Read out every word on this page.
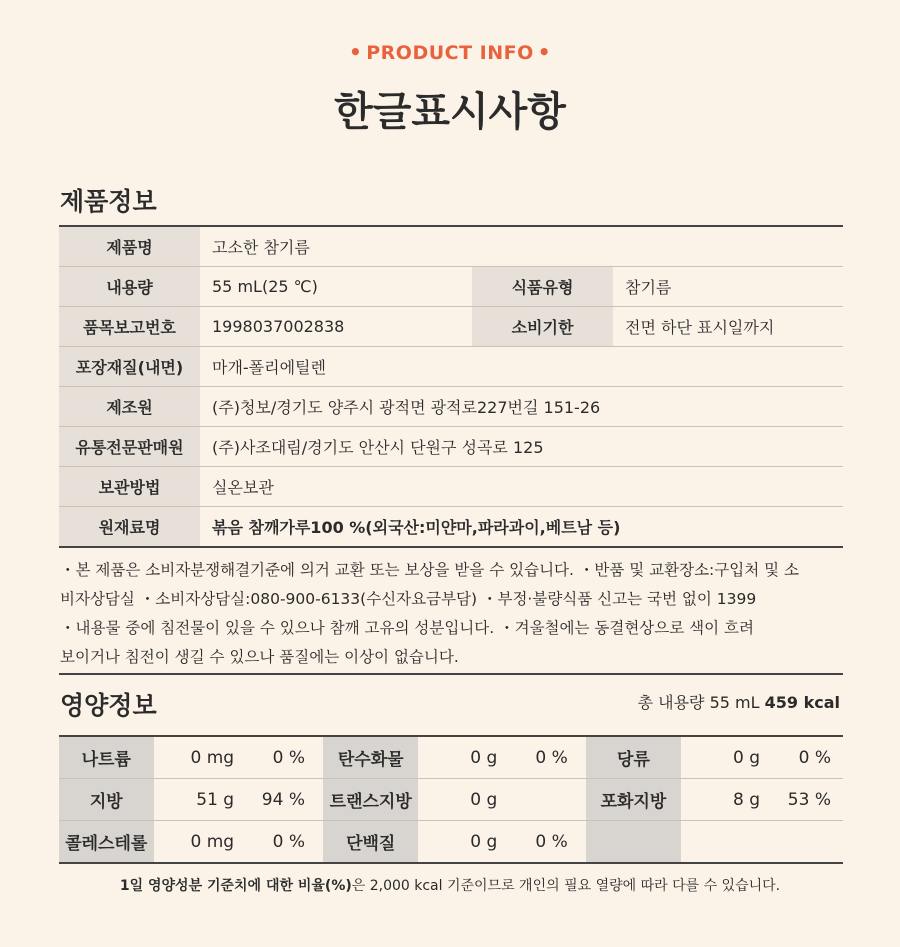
• PRODUCT INFO •
한글표시사항
제품정보
제품명	고소한 참기름		
내용량	55 mL(25 ℃)	식품유형	참기름
품목보고번호	1998037002838	소비기한	전면 하단 표시일까지
포장재질(내면)	마개-폴리에틸렌		
제조원	(주)청보/경기도 양주시 광적면 광적로227번길 151-26		
유통전문판매원	(주)사조대림/경기도 안산시 단원구 성곡로 125		
보관방법	실온보관		
원재료명	볶음 참깨가루100 %(외국산:미얀마,파라과이,베트남 등)		
・본 제품은 소비자분쟁해결기준에 의거 교환 또는 보상을 받을 수 있습니다. ・반품 및 교환장소:구입처 및 소
비자상담실 ・소비자상담실:080-900-6133(수신자요금부담) ・부정·불량식품 신고는 국번 없이 1399
・내용물 중에 침전물이 있을 수 있으나 참깨 고유의 성분입니다. ・겨울철에는 동결현상으로 색이 흐려
보이거나 침전이 생길 수 있으나 품질에는 이상이 없습니다.
영양정보	총 내용량 55 mL 459 kcal
나트륨	0 mg	0 %		탄수화물	0 g	0 %		당류	0 g	0 %
지방	51 g	94 %		트랜스지방	0 g			포화지방	8 g	53 %
콜레스테롤	0 mg	0 %		단백질	0 g	0 %				
1일 영양성분 기준치에 대한 비율(%)은 2,000 kcal 기준이므로 개인의 필요 열량에 따라 다를 수 있습니다.
